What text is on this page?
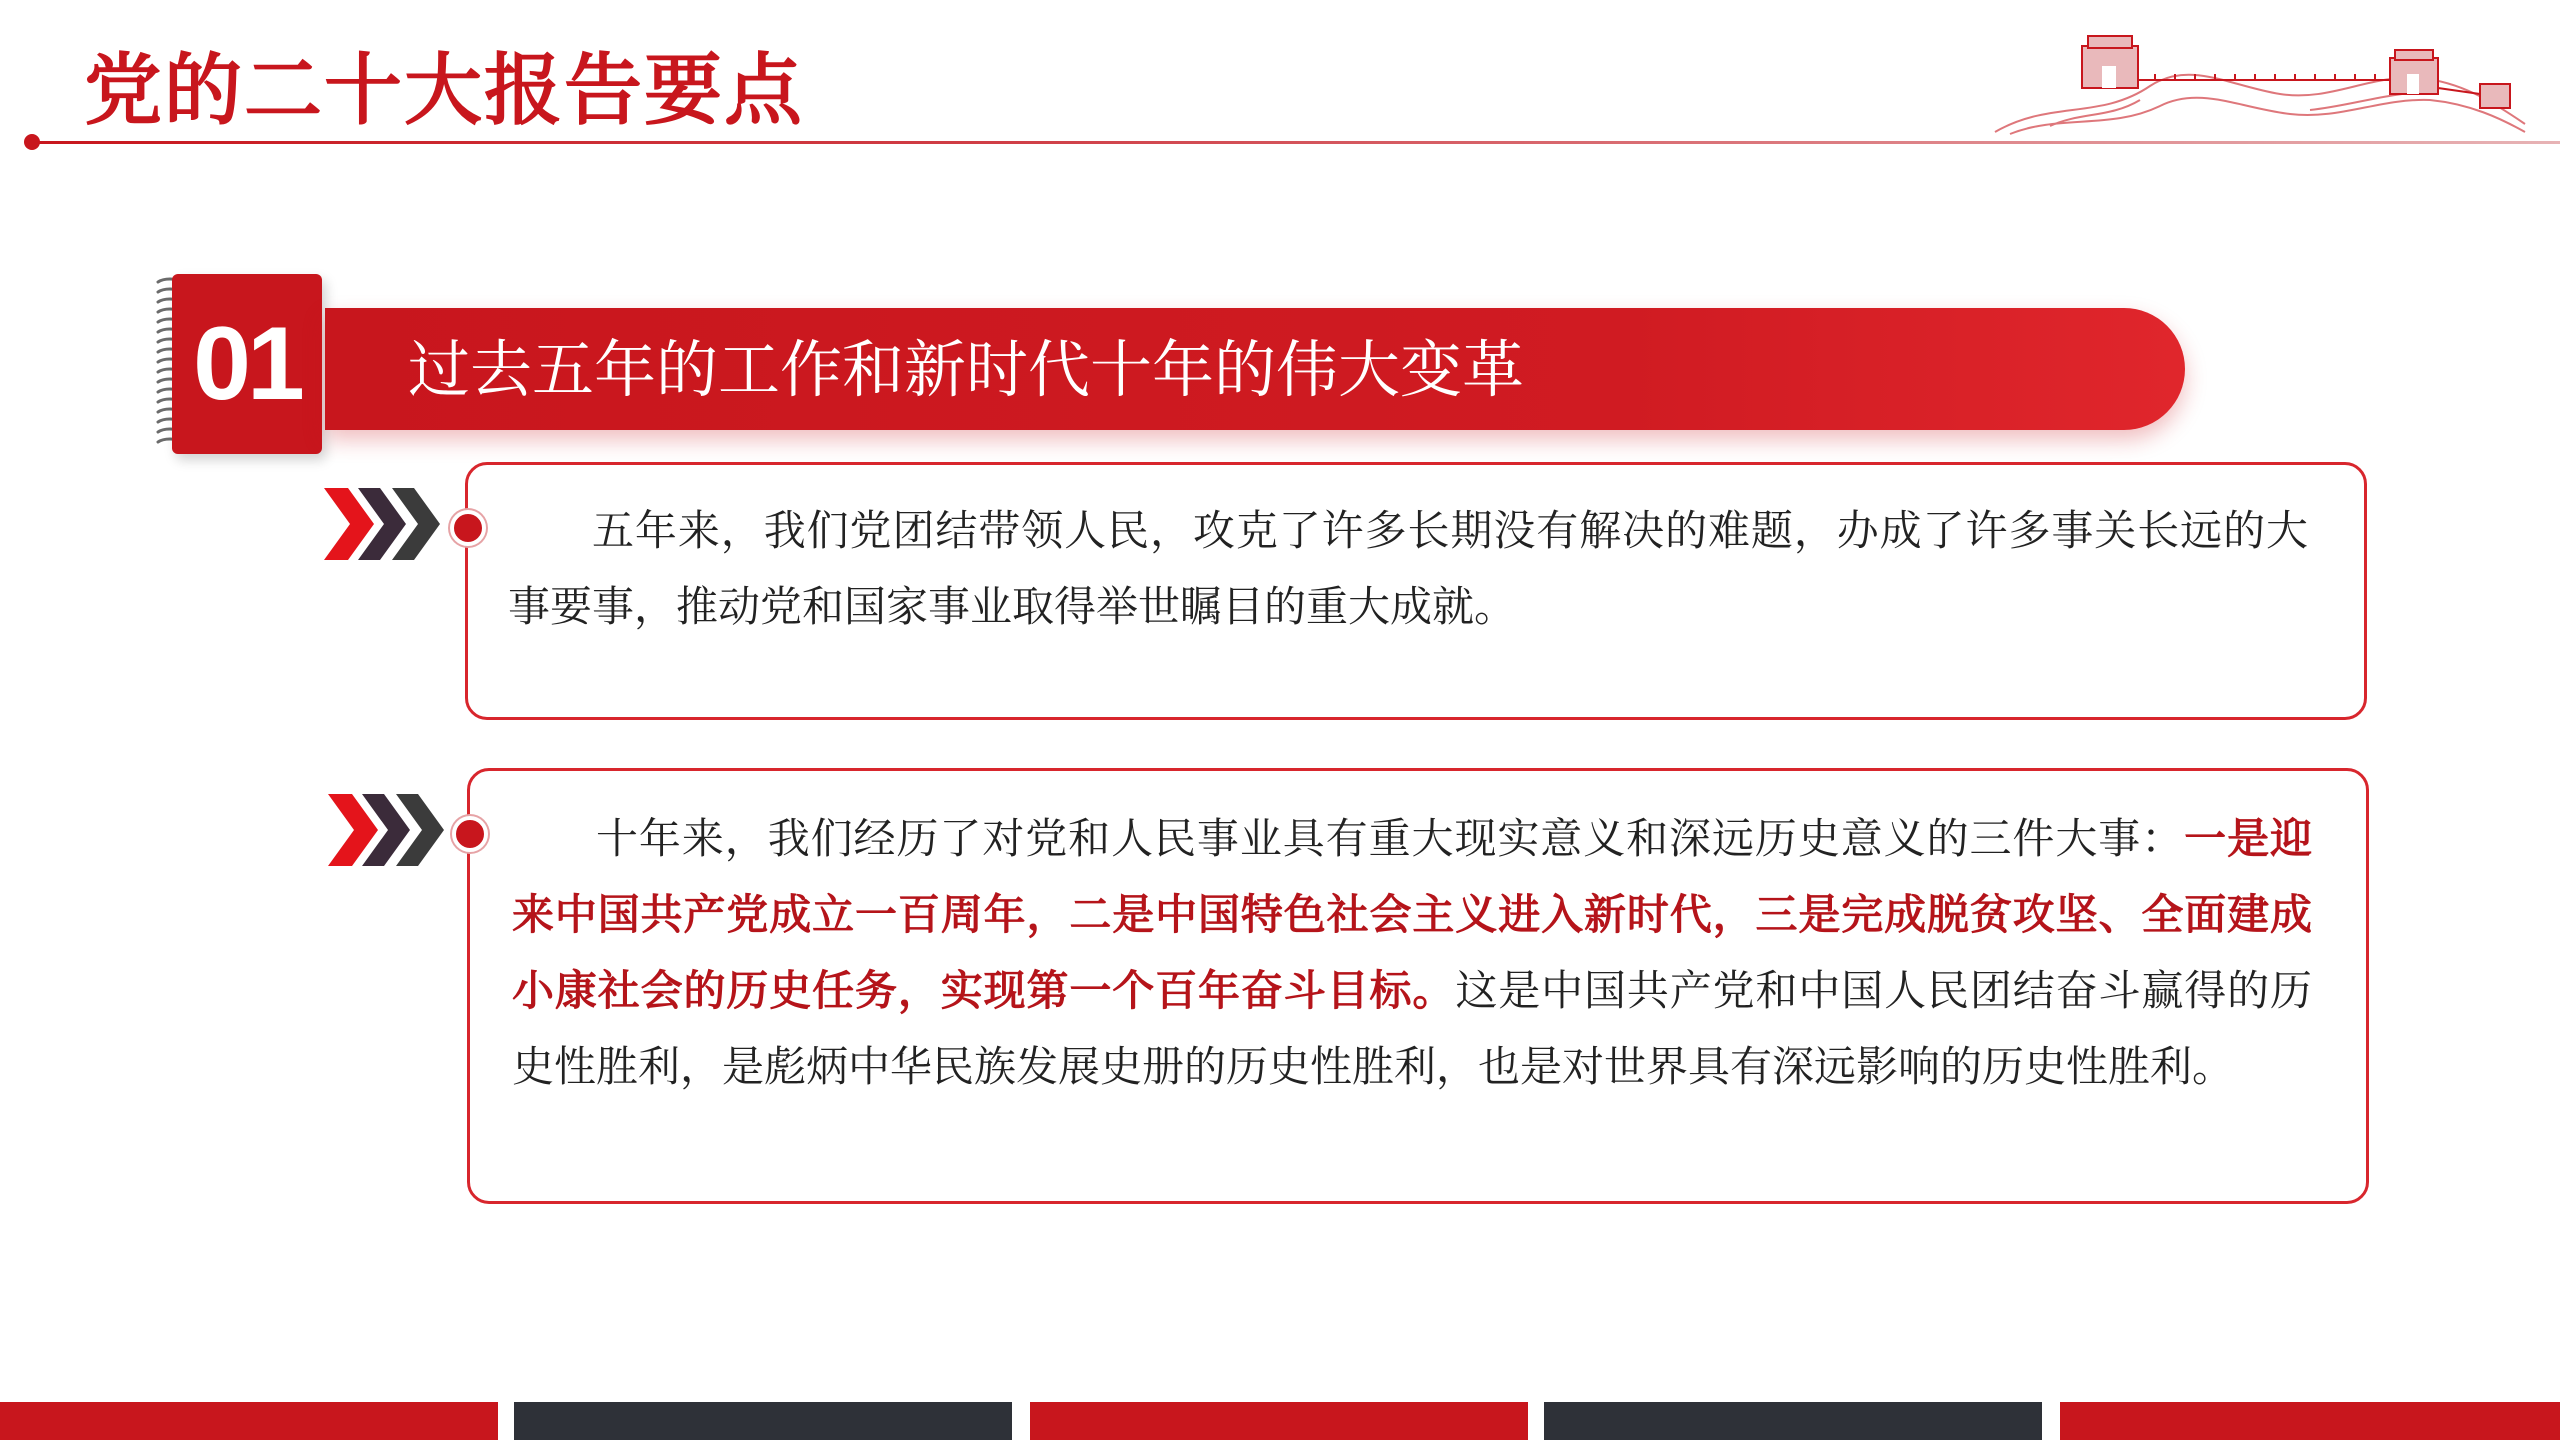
党的二十大报告要点
01	过去五年的工作和新时代十年的伟大变革
五年来，我们党团结带领人民，攻克了许多长期没有解决的难题，办成了许多事关长远的大事要事，推动党和国家事业取得举世瞩目的重大成就。
十年来，我们经历了对党和人民事业具有重大现实意义和深远历史意义的三件大事：一是迎来中国共产党成立一百周年，二是中国特色社会主义进入新时代，三是完成脱贫攻坚、全面建成小康社会的历史任务，实现第一个百年奋斗目标。这是中国共产党和中国人民团结奋斗赢得的历史性胜利，是彪炳中华民族发展史册的历史性胜利，也是对世界具有深远影响的历史性胜利。
